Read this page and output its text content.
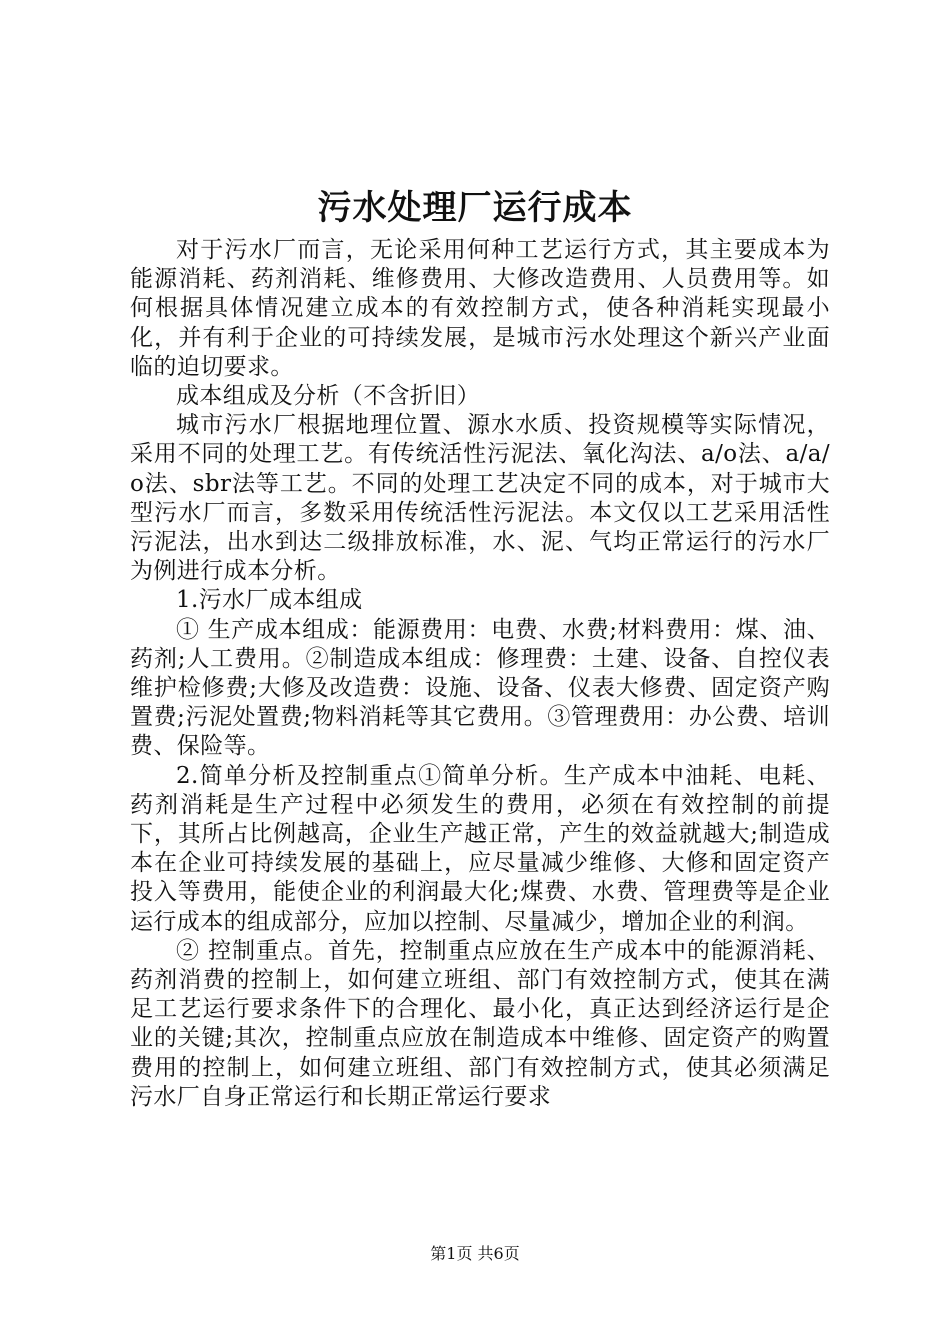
污水处理厂运行成本

对于污水厂而言，无论采用何种工艺运行方式，其主要成本为能源消耗、药剂消耗、维修费用、大修改造费用、人员费用等。如何根据具体情况建立成本的有效控制方式，使各种消耗实现最小化，并有利于企业的可持续发展，是城市污水处理这个新兴产业面临的迫切要求。

成本组成及分析（不含折旧）

城市污水厂根据地理位置、源水水质、投资规模等实际情况，采用不同的处理工艺。有传统活性污泥法、氧化沟法、a/o法、a/a/o法、sbr法等工艺。不同的处理工艺决定不同的成本，对于城市大型污水厂而言，多数采用传统活性污泥法。本文仅以工艺采用活性污泥法，出水到达二级排放标准，水、泥、气均正常运行的污水厂为例进行成本分析。

1.污水厂成本组成

① 生产成本组成：能源费用：电费、水费;材料费用：煤、油、药剂;人工费用。②制造成本组成：修理费：土建、设备、自控仪表维护检修费;大修及改造费：设施、设备、仪表大修费、固定资产购置费;污泥处置费;物料消耗等其它费用。③管理费用：办公费、培训费、保险等。

2.简单分析及控制重点①简单分析。生产成本中油耗、电耗、药剂消耗是生产过程中必须发生的费用，必须在有效控制的前提下，其所占比例越高，企业生产越正常，产生的效益就越大;制造成本在企业可持续发展的基础上，应尽量减少维修、大修和固定资产投入等费用，能使企业的利润最大化;煤费、水费、管理费等是企业运行成本的组成部分，应加以控制、尽量减少，增加企业的利润。

② 控制重点。首先，控制重点应放在生产成本中的能源消耗、药剂消费的控制上，如何建立班组、部门有效控制方式，使其在满足工艺运行要求条件下的合理化、最小化，真正达到经济运行是企业的关键;其次，控制重点应放在制造成本中维修、固定资产的购置费用的控制上，如何建立班组、部门有效控制方式，使其必须满足污水厂自身正常运行和长期正常运行要求

第1页 共6页
